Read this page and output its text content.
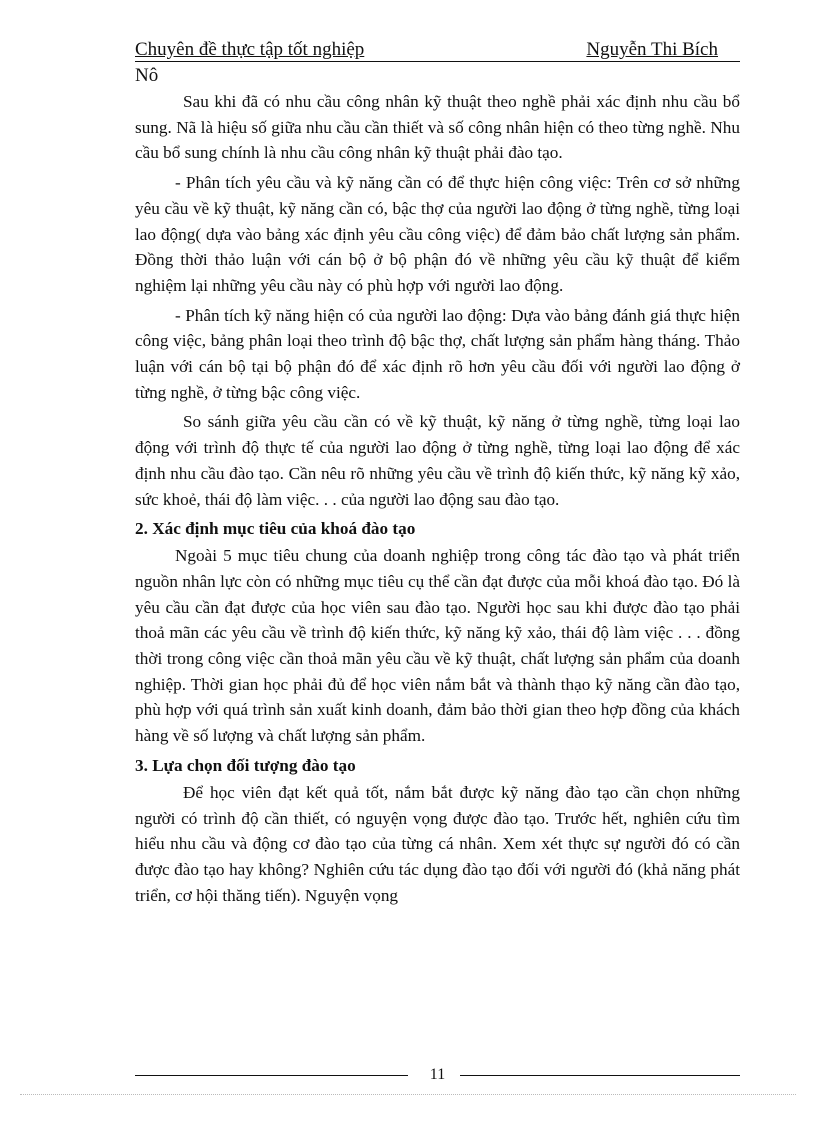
Chuyên đề thực tập tốt nghiệp	Nguyễn Thi Bích
Nô

Sau khi đã có nhu cầu công nhân kỹ thuật theo nghề phải xác định nhu cầu bổ sung. Nã là hiệu số giữa nhu cầu cần thiết và số công nhân hiện có theo từng nghề. Nhu cầu bổ sung chính là nhu cầu công nhân kỹ thuật phải đào tạo.

- Phân tích yêu cầu và kỹ năng cần có để thực hiện công việc: Trên cơ sở những yêu cầu về kỹ thuật, kỹ năng cần có, bậc thợ của người lao động ở từng nghề, từng loại lao động( dựa vào bảng xác định yêu cầu công việc) để đảm bảo chất lượng sản phẩm. Đồng thời thảo luận với cán bộ ở bộ phận đó về những yêu cầu kỹ thuật để kiểm nghiệm lại những yêu cầu này có phù hợp với người lao động.

- Phân tích kỹ năng hiện có của người lao động: Dựa vào bảng đánh giá thực hiện công việc, bảng phân loại theo trình độ bậc thợ, chất lượng sản phẩm hàng tháng. Thảo luận với cán bộ tại bộ phận đó để xác định rõ hơn yêu cầu đối với người lao động ở từng nghề, ở từng bậc công việc.

So sánh giữa yêu cầu cần có về kỹ thuật, kỹ năng ở từng nghề, từng loại lao động với trình độ thực tế của người lao động ở từng nghề, từng loại lao động để xác định nhu cầu đào tạo. Cần nêu rõ những yêu cầu về trình độ kiến thức, kỹ năng kỹ xảo, sức khoẻ, thái độ làm việc. . . của người lao động sau đào tạo.

2. Xác định mục tiêu của khoá đào tạo

Ngoài 5 mục tiêu chung của doanh nghiệp trong công tác đào tạo và phát triển nguồn nhân lực còn có những mục tiêu cụ thể cần đạt được của mỗi khoá đào tạo. Đó là yêu cầu cần đạt được của học viên sau đào tạo. Người học sau khi được đào tạo phải thoả mãn các yêu cầu về trình độ kiến thức, kỹ năng kỹ xảo, thái độ làm việc . . . đồng thời trong công việc cần thoả mãn yêu cầu về kỹ thuật, chất lượng sản phẩm của doanh nghiệp. Thời gian học phải đủ để học viên nắm bắt và thành thạo kỹ năng cần đào tạo, phù hợp với quá trình sản xuất kinh doanh, đảm bảo thời gian theo hợp đồng của khách hàng về số lượng và chất lượng sản phẩm.

3. Lựa chọn đối tượng đào tạo

Để học viên đạt kết quả tốt, nắm bắt được kỹ năng đào tạo cần chọn những người có trình độ cần thiết, có nguyện vọng được đào tạo. Trước hết, nghiên cứu tìm hiểu nhu cầu và động cơ đào tạo của từng cá nhân. Xem xét thực sự người đó có cần được đào tạo hay không? Nghiên cứu tác dụng đào tạo đối với người đó (khả năng phát triển, cơ hội thăng tiến). Nguyện vọng

11
